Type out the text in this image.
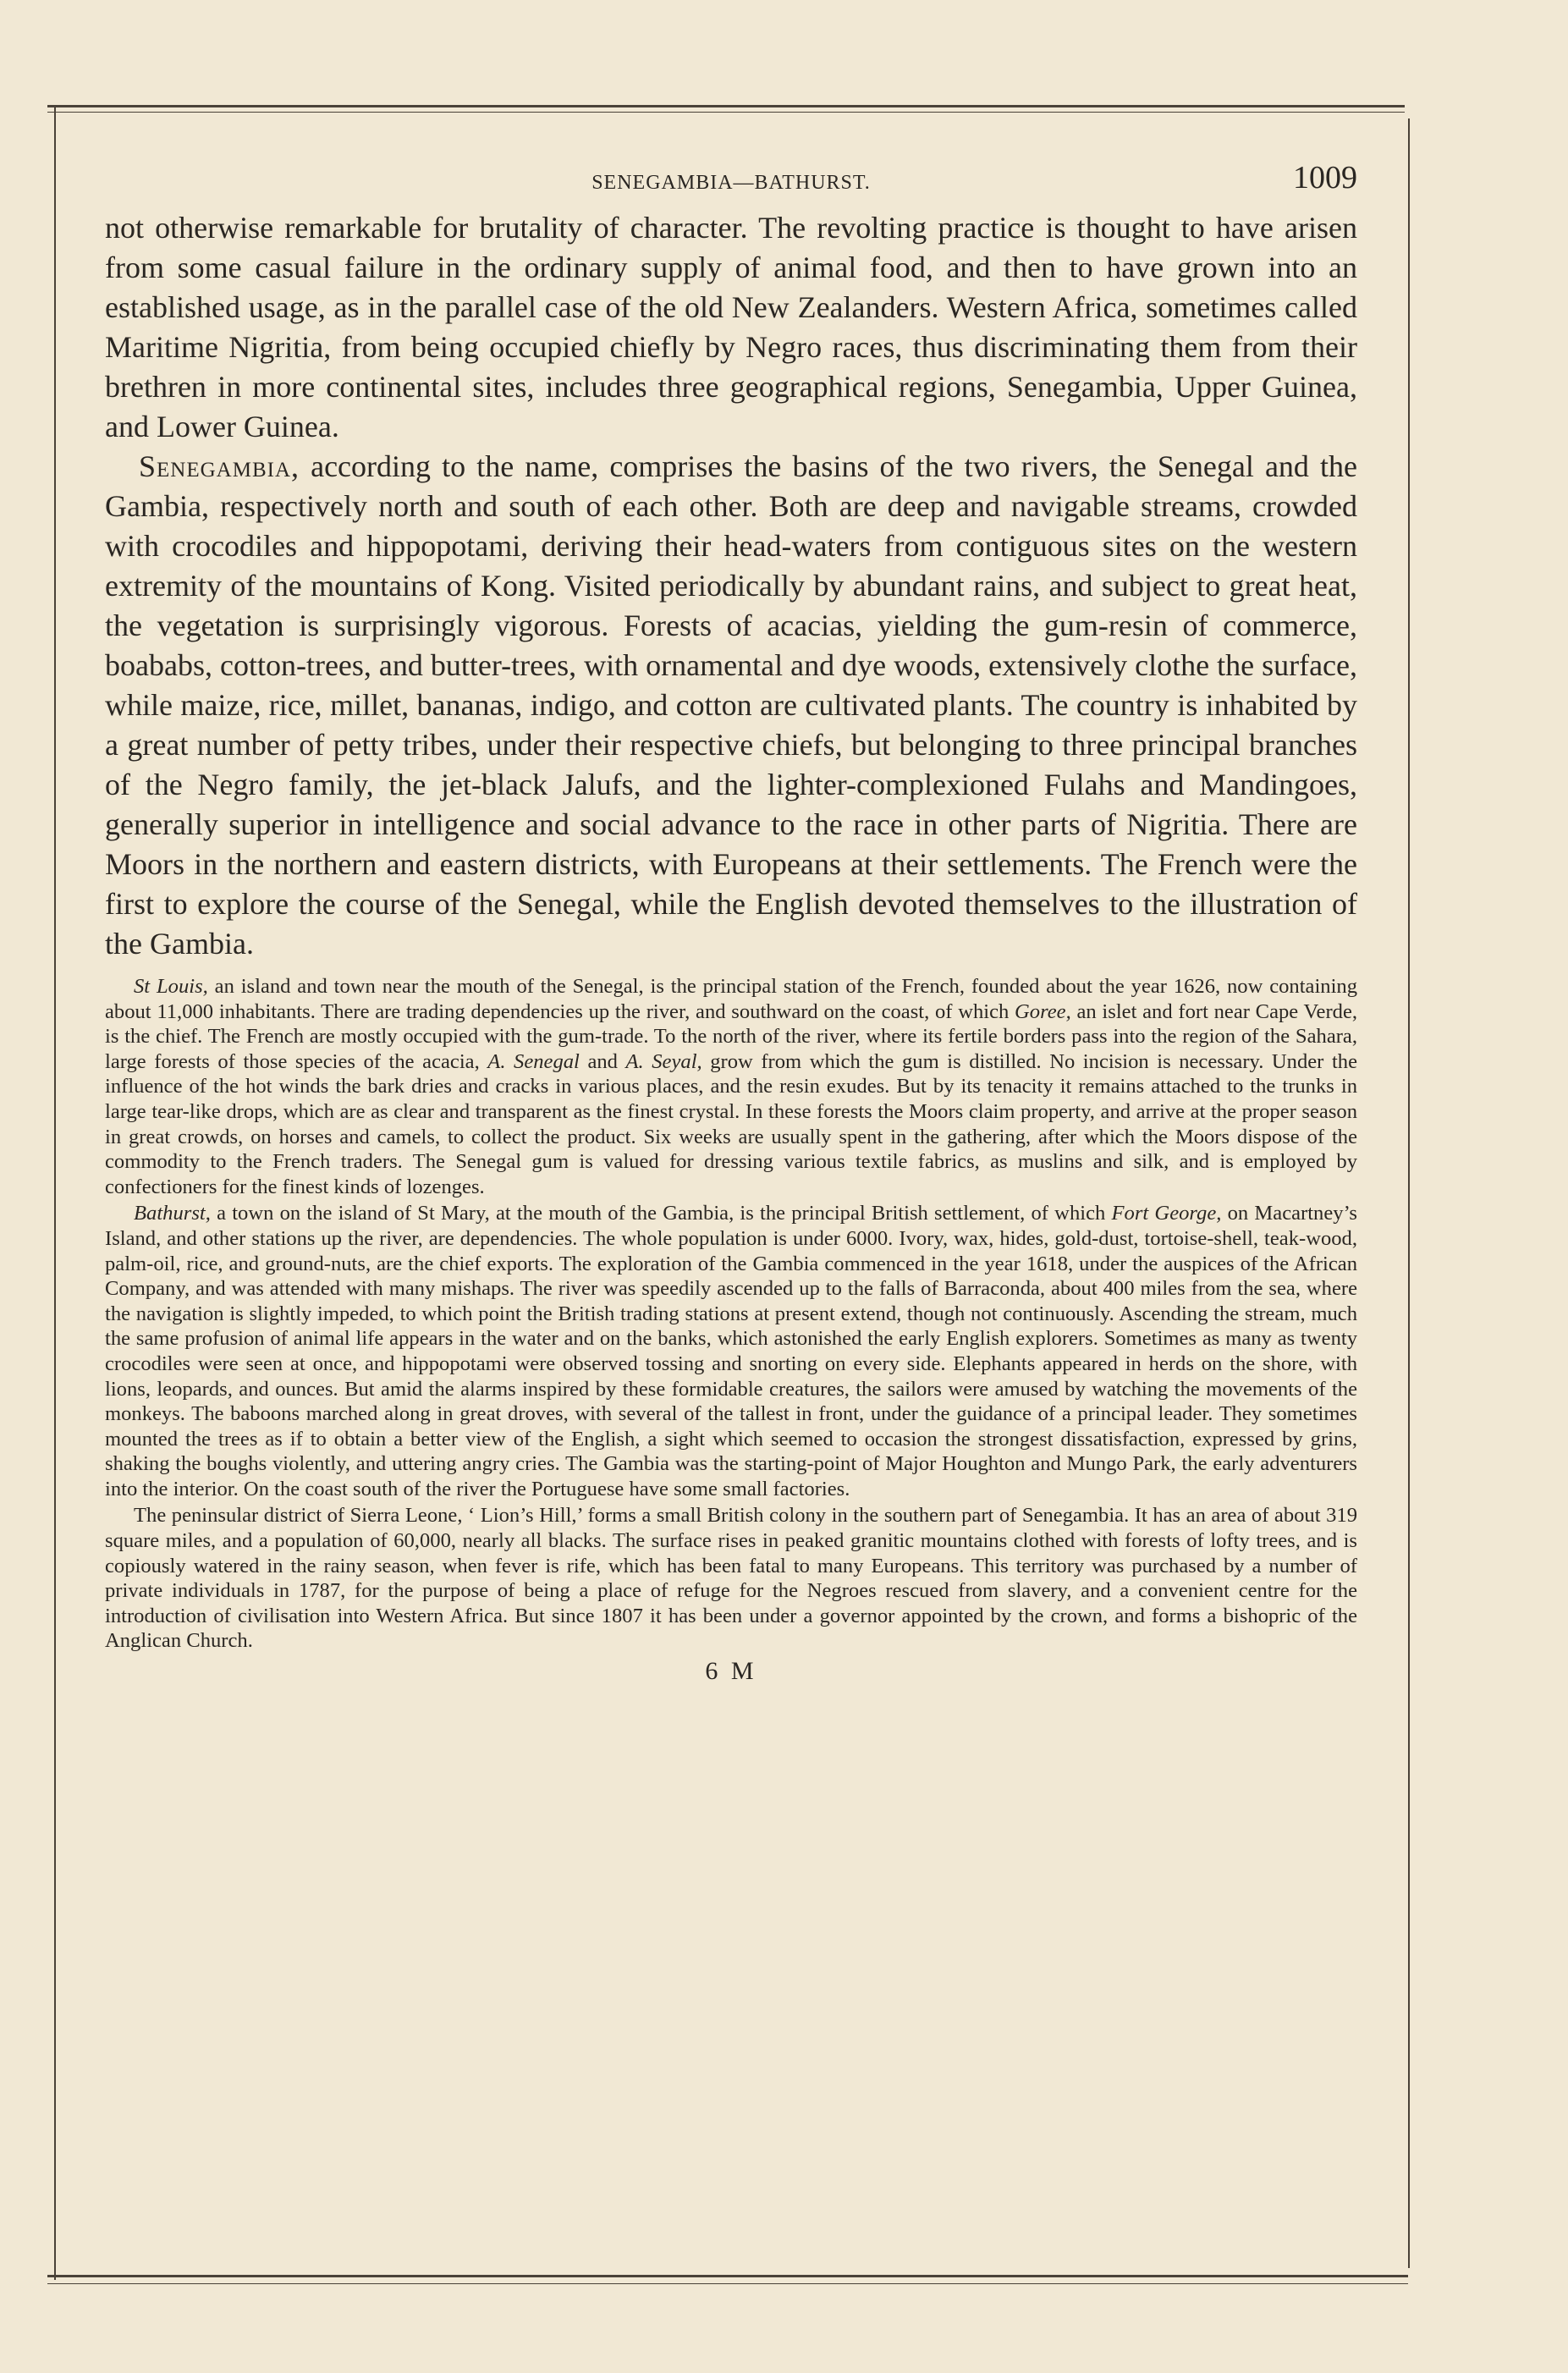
SENEGAMBIA—BATHURST.	1009

not otherwise remarkable for brutality of character. The revolting practice is thought to have arisen from some casual failure in the ordinary supply of animal food, and then to have grown into an established usage, as in the parallel case of the old New Zealanders. Western Africa, sometimes called Maritime Nigritia, from being occupied chiefly by Negro races, thus discriminating them from their brethren in more continental sites, includes three geographical regions, Senegambia, Upper Guinea, and Lower Guinea.

Senegambia, according to the name, comprises the basins of the two rivers, the Senegal and the Gambia, respectively north and south of each other. Both are deep and navigable streams, crowded with crocodiles and hippopotami, deriving their head-waters from contiguous sites on the western extremity of the mountains of Kong. Visited periodically by abundant rains, and subject to great heat, the vegetation is surprisingly vigorous. Forests of acacias, yielding the gum-resin of commerce, boababs, cotton-trees, and butter-trees, with ornamental and dye woods, extensively clothe the surface, while maize, rice, millet, bananas, indigo, and cotton are cultivated plants. The country is inhabited by a great number of petty tribes, under their respective chiefs, but belonging to three principal branches of the Negro family, the jet-black Jalufs, and the lighter-complexioned Fulahs and Mandingoes, generally superior in intelligence and social advance to the race in other parts of Nigritia. There are Moors in the northern and eastern districts, with Europeans at their settlements. The French were the first to explore the course of the Senegal, while the English devoted themselves to the illustration of the Gambia.

St Louis, an island and town near the mouth of the Senegal, is the principal station of the French, founded about the year 1626, now containing about 11,000 inhabitants. There are trading dependencies up the river, and southward on the coast, of which Goree, an islet and fort near Cape Verde, is the chief. The French are mostly occupied with the gum-trade. To the north of the river, where its fertile borders pass into the region of the Sahara, large forests of those species of the acacia, A. Senegal and A. Seyal, grow from which the gum is distilled. No incision is necessary. Under the influence of the hot winds the bark dries and cracks in various places, and the resin exudes. But by its tenacity it remains attached to the trunks in large tear-like drops, which are as clear and transparent as the finest crystal. In these forests the Moors claim property, and arrive at the proper season in great crowds, on horses and camels, to collect the product. Six weeks are usually spent in the gathering, after which the Moors dispose of the commodity to the French traders. The Senegal gum is valued for dressing various textile fabrics, as muslins and silk, and is employed by confectioners for the finest kinds of lozenges.

Bathurst, a town on the island of St Mary, at the mouth of the Gambia, is the principal British settlement, of which Fort George, on Macartney’s Island, and other stations up the river, are dependencies. The whole population is under 6000. Ivory, wax, hides, gold-dust, tortoise-shell, teak-wood, palm-oil, rice, and ground-nuts, are the chief exports. The exploration of the Gambia commenced in the year 1618, under the auspices of the African Company, and was attended with many mishaps. The river was speedily ascended up to the falls of Barraconda, about 400 miles from the sea, where the navigation is slightly impeded, to which point the British trading stations at present extend, though not continuously. Ascending the stream, much the same profusion of animal life appears in the water and on the banks, which astonished the early English explorers. Sometimes as many as twenty crocodiles were seen at once, and hippopotami were observed tossing and snorting on every side. Elephants appeared in herds on the shore, with lions, leopards, and ounces. But amid the alarms inspired by these formidable creatures, the sailors were amused by watching the movements of the monkeys. The baboons marched along in great droves, with several of the tallest in front, under the guidance of a principal leader. They sometimes mounted the trees as if to obtain a better view of the English, a sight which seemed to occasion the strongest dissatisfaction, expressed by grins, shaking the boughs violently, and uttering angry cries. The Gambia was the starting-point of Major Houghton and Mungo Park, the early adventurers into the interior. On the coast south of the river the Portuguese have some small factories.

The peninsular district of Sierra Leone, ‘ Lion’s Hill,’ forms a small British colony in the southern part of Senegambia. It has an area of about 319 square miles, and a population of 60,000, nearly all blacks. The surface rises in peaked granitic mountains clothed with forests of lofty trees, and is copiously watered in the rainy season, when fever is rife, which has been fatal to many Europeans. This territory was purchased by a number of private individuals in 1787, for the purpose of being a place of refuge for the Negroes rescued from slavery, and a convenient centre for the introduction of civilisation into Western Africa. But since 1807 it has been under a governor appointed by the crown, and forms a bishopric of the Anglican Church.

6 M
